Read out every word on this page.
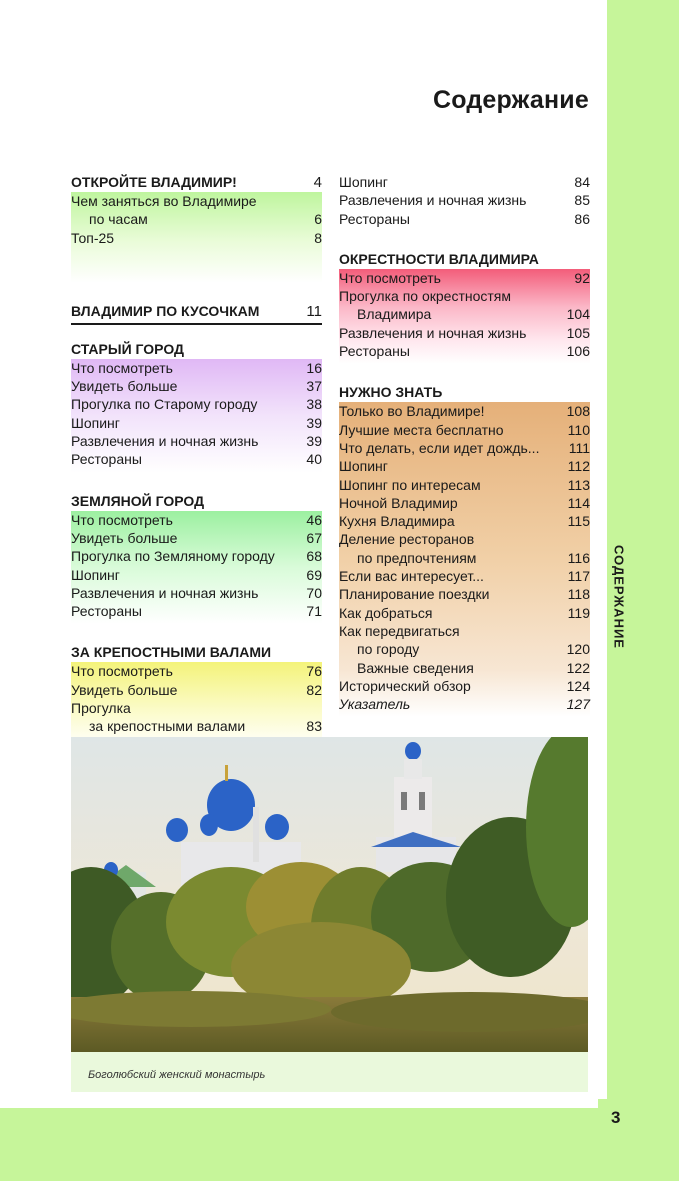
СОДЕРЖАНИЕ
3
Содержание
ОТКРОЙТЕ ВЛАДИМИР!	4
Чем заняться во Владимире
по часам	6
Топ-25	8
ВЛАДИМИР ПО КУСОЧКАМ	11
СТАРЫЙ ГОРОД
Что посмотреть	16
Увидеть больше	37
Прогулка по Старому городу	38
Шопинг	39
Развлечения и ночная жизнь	39
Рестораны	40
ЗЕМЛЯНОЙ ГОРОД
Что посмотреть	46
Увидеть больше	67
Прогулка по Земляному городу 68
Шопинг	69
Развлечения и ночная жизнь	70
Рестораны	71
ЗА КРЕПОСТНЫМИ ВАЛАМИ
Что посмотреть	76
Увидеть больше	82
Прогулка
за крепостными валами	83
Шопинг	84
Развлечения и ночная жизнь	85
Рестораны	86
ОКРЕСТНОСТИ ВЛАДИМИРА
Что посмотреть	92
Прогулка по окрестностям
Владимира	104
Развлечения и ночная жизнь	105
Рестораны	106
НУЖНО ЗНАТЬ
Только во Владимире!	108
Лучшие места бесплатно	110
Что делать, если идет дождь... 111
Шопинг	112
Шопинг по интересам	113
Ночной Владимир	114
Кухня Владимира	115
Деление ресторанов
по предпочтениям	116
Если вас интересует...	117
Планирование поездки	118
Как добраться	119
Как передвигаться
по городу	120
Важные сведения	122
Исторический обзор	124
Указатель	127
Боголюбский женский монастырь
